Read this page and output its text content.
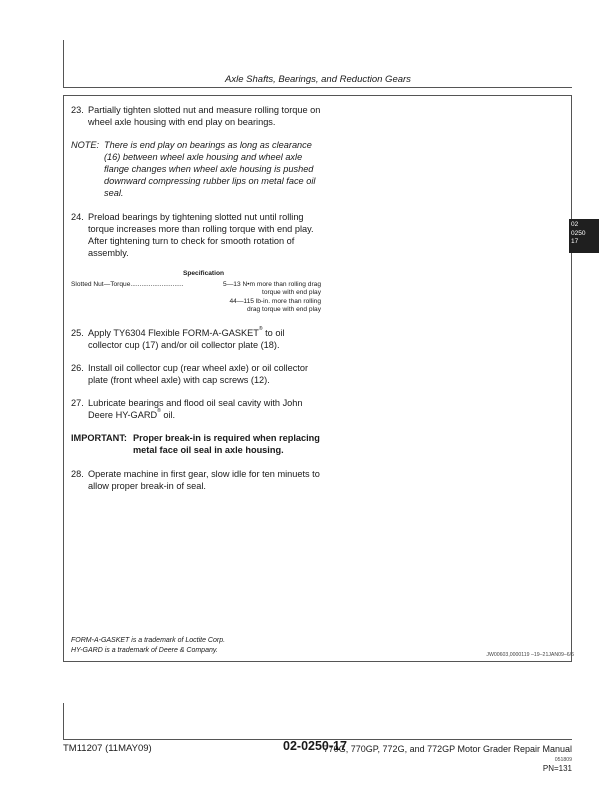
Axle Shafts, Bearings, and Reduction Gears
23. Partially tighten slotted nut and measure rolling torque on wheel axle housing with end play on bearings.
NOTE: There is end play on bearings as long as clearance (16) between wheel axle housing and wheel axle flange changes when wheel axle housing is pushed downward compressing rubber lips on metal face oil seal.
24. Preload bearings by tightening slotted nut until rolling torque increases more than rolling torque with end play. After tightening turn to check for smooth rotation of assembly.
Specification
Slotted Nut—Torque.............................	5—13 N•m more than rolling drag
torque with end play
44—115 lb-in. more than rolling
drag torque with end play
25. Apply TY6304 Flexible FORM-A-GASKET® to oil collector cup (17) and/or oil collector plate (18).
26. Install oil collector cup (rear wheel axle) or oil collector plate (front wheel axle) with cap screws (12).
27. Lubricate bearings and flood oil seal cavity with John Deere HY-GARD® oil.
IMPORTANT: Proper break-in is required when replacing metal face oil seal in axle housing.
28. Operate machine in first gear, slow idle for ten minuets to allow proper break-in of seal.
FORM-A-GASKET is a trademark of Loctite Corp.
HY-GARD is a trademark of Deere & Company.
JW00603,0000119 –19–21JAN09–6/6
02
0250
17
TM11207 (11MAY09)	02-0250-17
770G, 770GP, 772G, and 772GP Motor Grader Repair Manual
051809
PN=131
